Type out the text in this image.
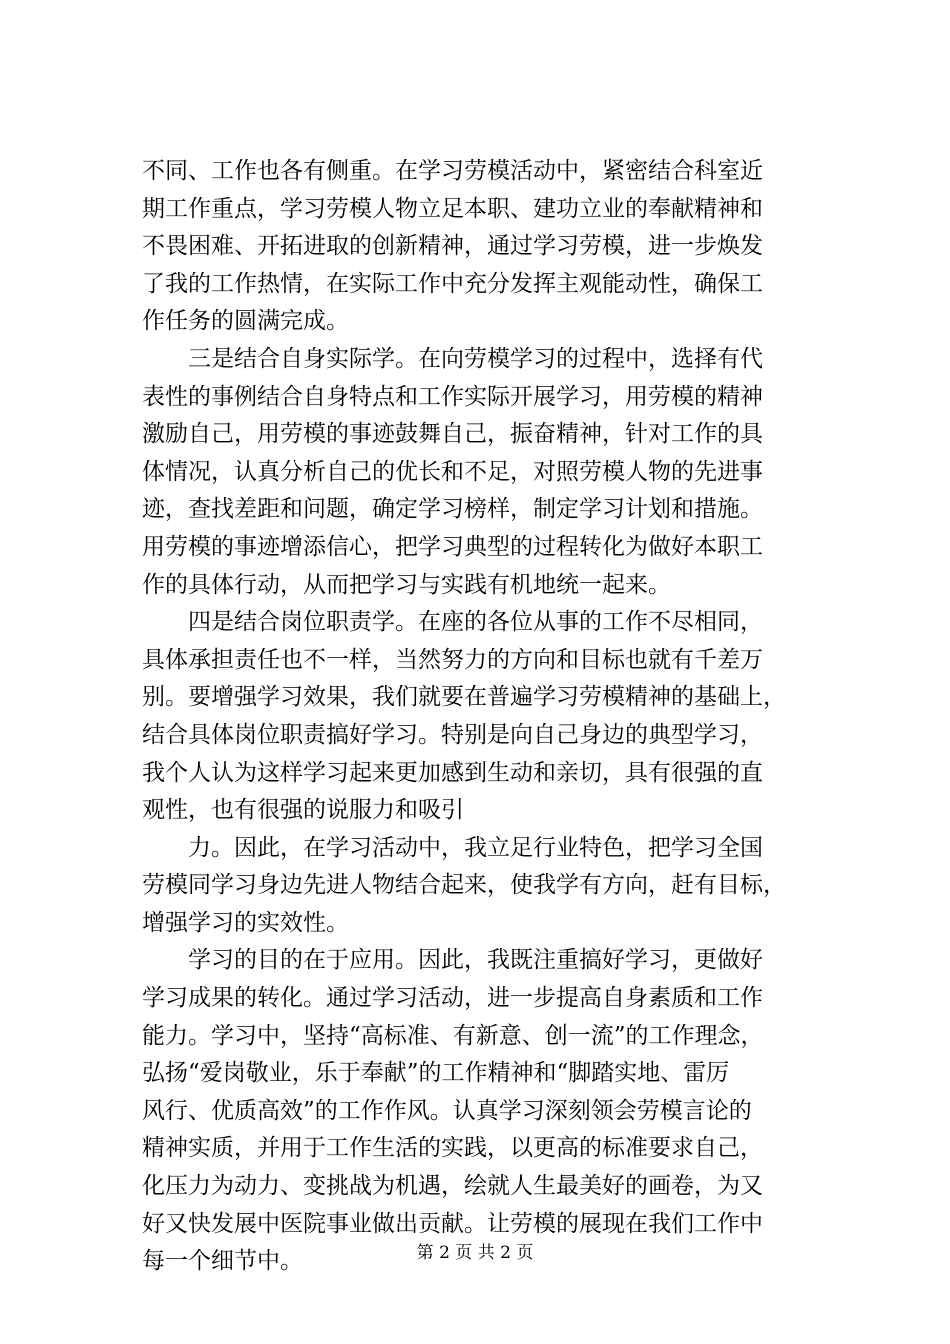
不同、工作也各有侧重。在学习劳模活动中，紧密结合科室近
期工作重点，学习劳模人物立足本职、建功立业的奉献精神和
不畏困难、开拓进取的创新精神，通过学习劳模，进一步焕发
了我的工作热情，在实际工作中充分发挥主观能动性，确保工
作任务的圆满完成。
　　三是结合自身实际学。在向劳模学习的过程中，选择有代
表性的事例结合自身特点和工作实际开展学习，用劳模的精神
激励自己，用劳模的事迹鼓舞自己，振奋精神，针对工作的具
体情况，认真分析自己的优长和不足，对照劳模人物的先进事
迹，查找差距和问题，确定学习榜样，制定学习计划和措施。
用劳模的事迹增添信心，把学习典型的过程转化为做好本职工
作的具体行动，从而把学习与实践有机地统一起来。
　　四是结合岗位职责学。在座的各位从事的工作不尽相同，
具体承担责任也不一样，当然努力的方向和目标也就有千差万
别。要增强学习效果，我们就要在普遍学习劳模精神的基础上，
结合具体岗位职责搞好学习。特别是向自己身边的典型学习，
我个人认为这样学习起来更加感到生动和亲切，具有很强的直
观性，也有很强的说服力和吸引
　　力。因此，在学习活动中，我立足行业特色，把学习全国
劳模同学习身边先进人物结合起来，使我学有方向，赶有目标，
增强学习的实效性。
　　学习的目的在于应用。因此，我既注重搞好学习，更做好
学习成果的转化。通过学习活动，进一步提高自身素质和工作
能力。学习中，坚持“高标准、有新意、创一流”的工作理念，
弘扬“爱岗敬业，乐于奉献”的工作精神和“脚踏实地、雷厉
风行、优质高效”的工作作风。认真学习深刻领会劳模言论的
精神实质，并用于工作生活的实践，以更高的标准要求自己，
化压力为动力、变挑战为机遇，绘就人生最美好的画卷，为又
好又快发展中医院事业做出贡献。让劳模的展现在我们工作中
每一个细节中。	第 2 页 共 2 页
